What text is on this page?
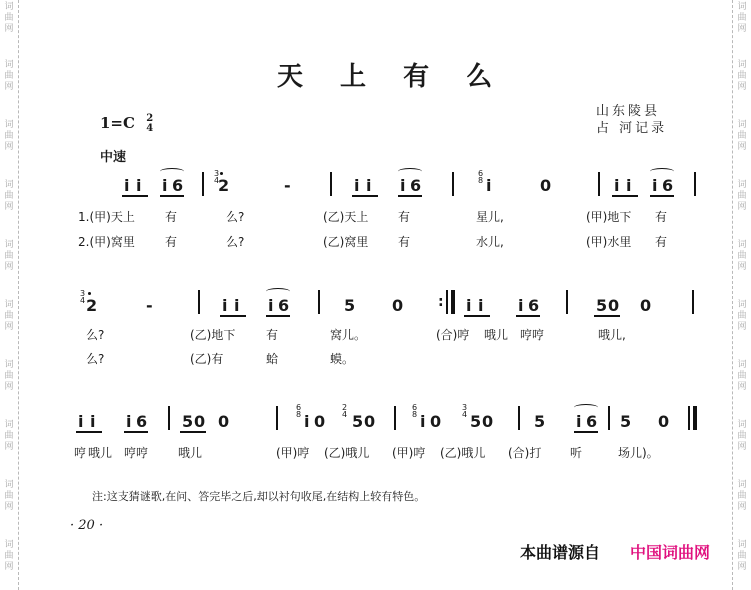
词曲网
词曲网
词曲网
词曲网
词曲网
词曲网
词曲网
词曲网
词曲网
词曲网
词曲网
词曲网
词曲网
词曲网
词曲网
词曲网
词曲网
词曲网
词曲网
词曲网
天 上 有 么
1=C 2
4
山东陵县
占 河记录
中速
i i i 6 2
3
4	-	i i i 6
6
8 i	0	i i i 6
1.(甲)天上	有	么?	(乙)天上 有	星儿,	(甲)地下 有
2.(甲)窝里	有	么?	(乙)窝里 有	水儿,	(甲)水里 有
3
4 2	-	i i i 6	5 0 : i i i 6	5 0 0
么?	(乙)地下	有	窝儿。	(合)哼 哦儿 哼哼	哦儿,
么?	(乙)有	蛤	蟆。
i i i 6 5 0 0
6
8 i 0
2
4 5 0
6
8 i 0
3
4 5 0	5 i 6 5 0
哼 哦儿 哼哼 哦儿	(甲)哼 (乙)哦儿 (甲)哼 (乙)哦儿 (合)打 听	场儿)。
注:这支猜谜歌,在问、答完毕之后,却以衬句收尾,在结构上较有特色。
· 20 ·
本曲谱源自 中国词曲网
